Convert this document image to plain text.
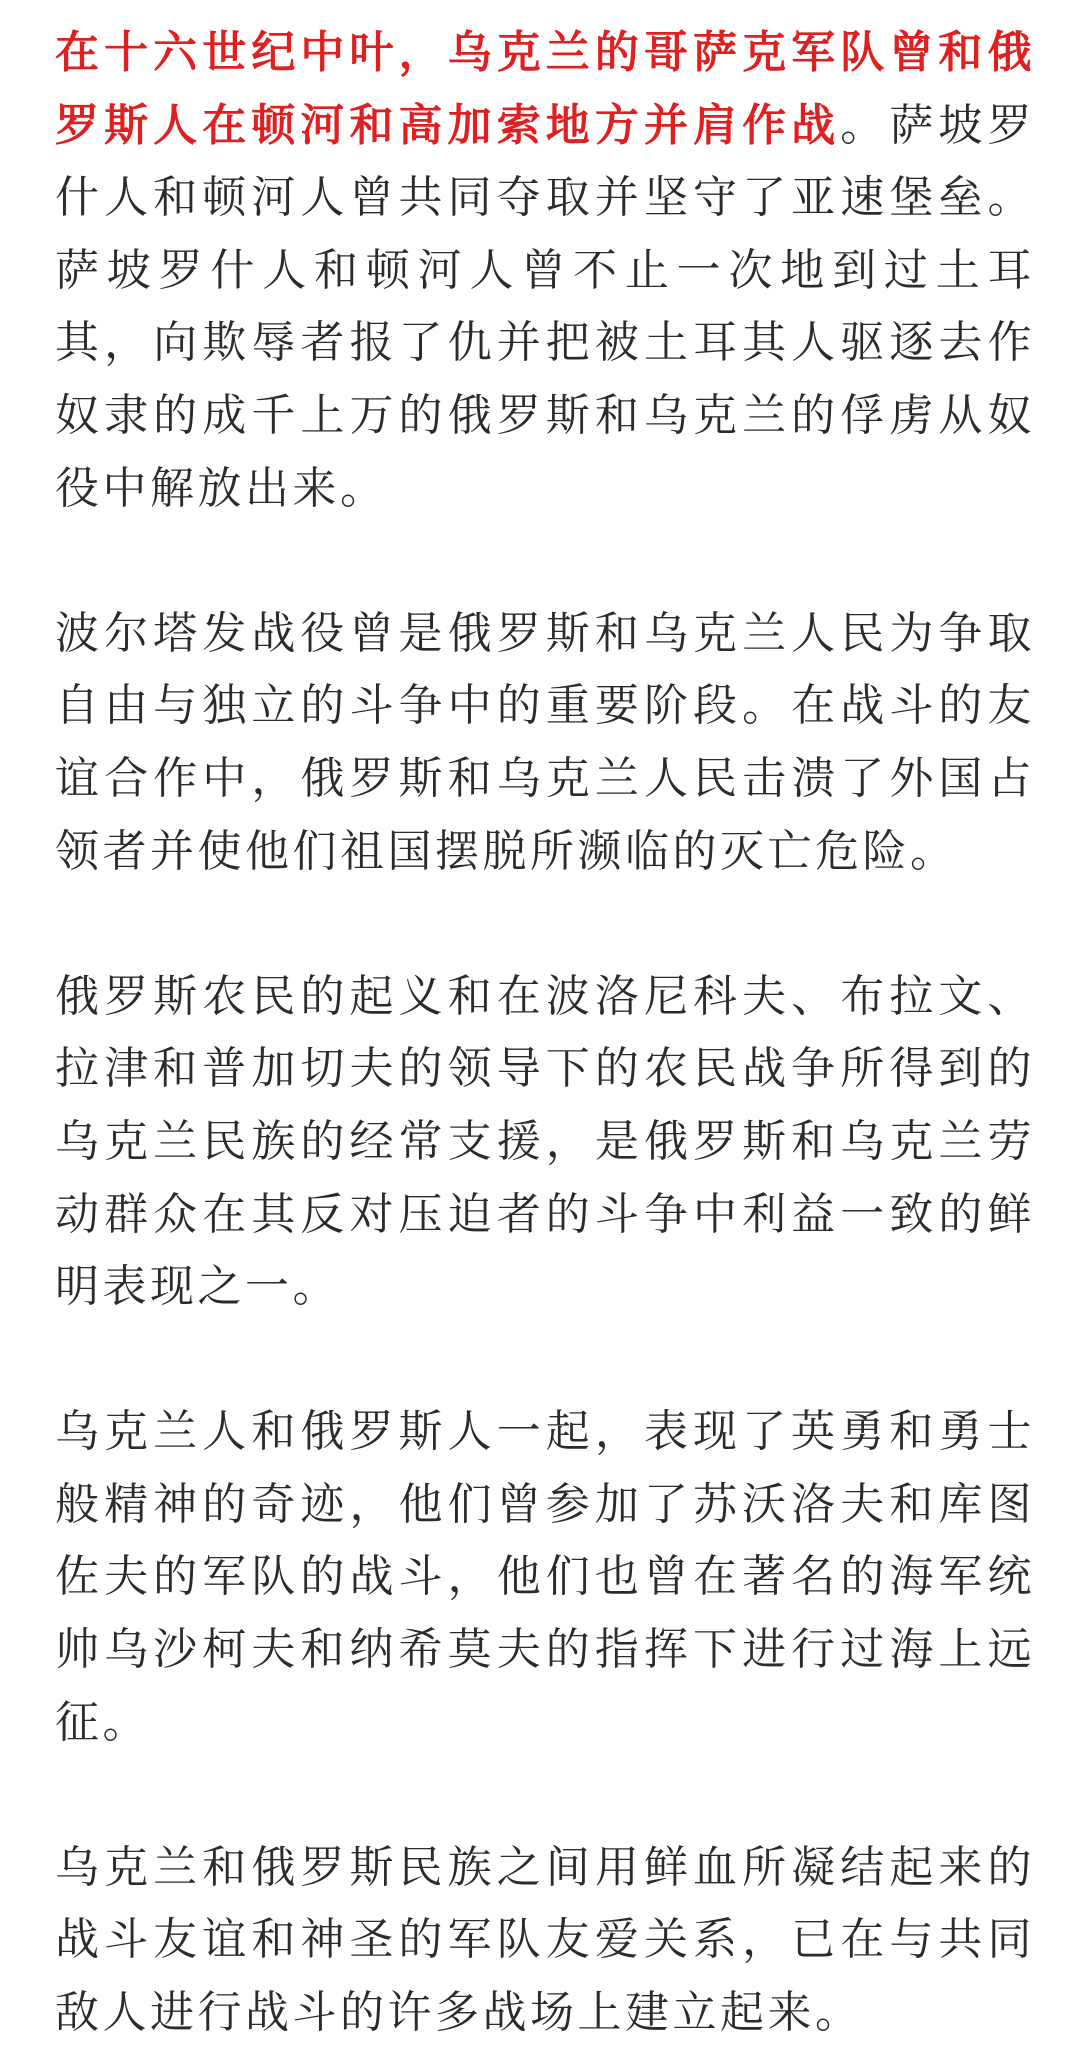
在十六世纪中叶，乌克兰的哥萨克军队曾和俄罗斯人在顿河和高加索地方并肩作战。萨坡罗什人和顿河人曾共同夺取并坚守了亚速堡垒。萨坡罗什人和顿河人曾不止一次地到过土耳其，向欺辱者报了仇并把被土耳其人驱逐去作奴隶的成千上万的俄罗斯和乌克兰的俘虏从奴役中解放出来。

波尔塔发战役曾是俄罗斯和乌克兰人民为争取自由与独立的斗争中的重要阶段。在战斗的友谊合作中，俄罗斯和乌克兰人民击溃了外国占领者并使他们祖国摆脱所濒临的灭亡危险。

俄罗斯农民的起义和在波洛尼科夫、布拉文、拉津和普加切夫的领导下的农民战争所得到的乌克兰民族的经常支援，是俄罗斯和乌克兰劳动群众在其反对压迫者的斗争中利益一致的鲜明表现之一。

乌克兰人和俄罗斯人一起，表现了英勇和勇士般精神的奇迹，他们曾参加了苏沃洛夫和库图佐夫的军队的战斗，他们也曾在著名的海军统帅乌沙柯夫和纳希莫夫的指挥下进行过海上远征。

乌克兰和俄罗斯民族之间用鲜血所凝结起来的战斗友谊和神圣的军队友爱关系，已在与共同敌人进行战斗的许多战场上建立起来。
